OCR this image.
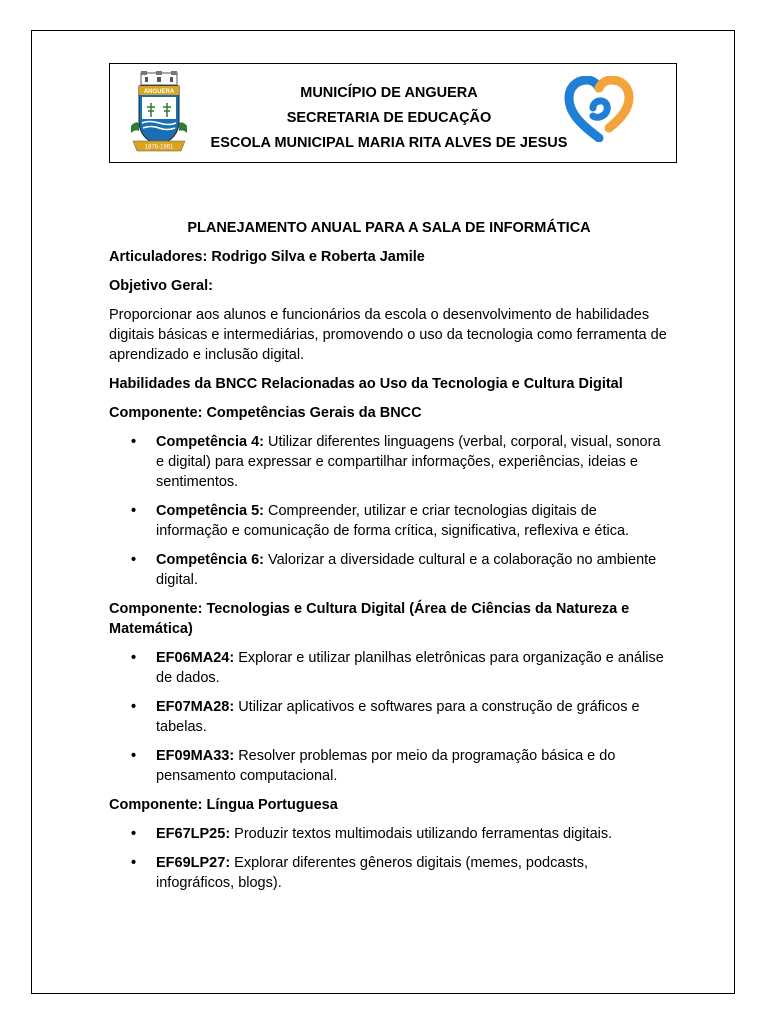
ANGUERA
1876-1961
MUNICÍPIO DE ANGUERA
SECRETARIA DE EDUCAÇÃO
ESCOLA MUNICIPAL MARIA RITA ALVES DE JESUS

PLANEJAMENTO ANUAL PARA A SALA DE INFORMÁTICA

Articuladores: Rodrigo Silva e Roberta Jamile

Objetivo Geral:

Proporcionar aos alunos e funcionários da escola o desenvolvimento de habilidades digitais básicas e intermediárias, promovendo o uso da tecnologia como ferramenta de aprendizado e inclusão digital.

Habilidades da BNCC Relacionadas ao Uso da Tecnologia e Cultura Digital

Componente: Competências Gerais da BNCC

• Competência 4: Utilizar diferentes linguagens (verbal, corporal, visual, sonora e digital) para expressar e compartilhar informações, experiências, ideias e sentimentos.
• Competência 5: Compreender, utilizar e criar tecnologias digitais de informação e comunicação de forma crítica, significativa, reflexiva e ética.
• Competência 6: Valorizar a diversidade cultural e a colaboração no ambiente digital.

Componente: Tecnologias e Cultura Digital (Área de Ciências da Natureza e Matemática)

• EF06MA24: Explorar e utilizar planilhas eletrônicas para organização e análise de dados.
• EF07MA28: Utilizar aplicativos e softwares para a construção de gráficos e tabelas.
• EF09MA33: Resolver problemas por meio da programação básica e do pensamento computacional.

Componente: Língua Portuguesa

• EF67LP25: Produzir textos multimodais utilizando ferramentas digitais.
• EF69LP27: Explorar diferentes gêneros digitais (memes, podcasts, infográficos, blogs).
